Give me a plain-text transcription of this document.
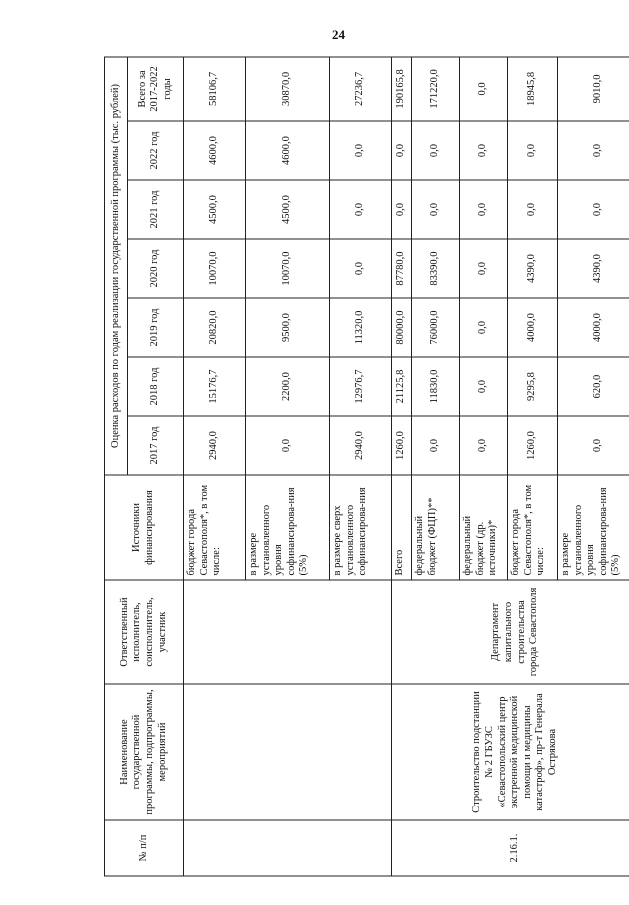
24
№ п/п	Наименование государственной программы, подпрограммы, мероприятий	Ответственный исполнитель, соисполнитель, участник	Источники финансирования	Оценка расходов по годам реализации государственной программы (тыс. рублей)						
				2017 год	2018 год	2019 год	2020 год	2021 год	2022 год	Всего за 2017-2022 годы
			бюджет города Севастополя*, в том числе:	2940,0	15176,7	20820,0	10070,0	4500,0	4600,0	58106,7
			в размере установленного уровня софинансирова-ния (5%)	0,0	2200,0	9500,0	10070,0	4500,0	4600,0	30870,0
			в размере сверх установленного софинансирова-ния	2940,0	12976,7	11320,0	0,0	0,0	0,0	27236,7
2.16.1.	Строительство подстанции № 2 ГБУЗС «Севастопольский центр экстренной медицинской помощи и медицины катастроф», пр-т Генерала Острякова	Департамент капитального строительства города Севастополя	Всего	1260,0	21125,8	80000,0	87780,0	0,0	0,0	190165,8
			федеральный бюджет (ФЦП)**	0,0	11830,0	76000,0	83390,0	0,0	0,0	171220,0
			федеральный бюджет (др. источники)*	0,0	0,0	0,0	0,0	0,0	0,0	0,0
			бюджет города Севастополя*, в том числе:	1260,0	9295,8	4000,0	4390,0	0,0	0,0	18945,8
			в размере установленного уровня софинансирова-ния (5%)	0,0	620,0	4000,0	4390,0	0,0	0,0	9010,0
